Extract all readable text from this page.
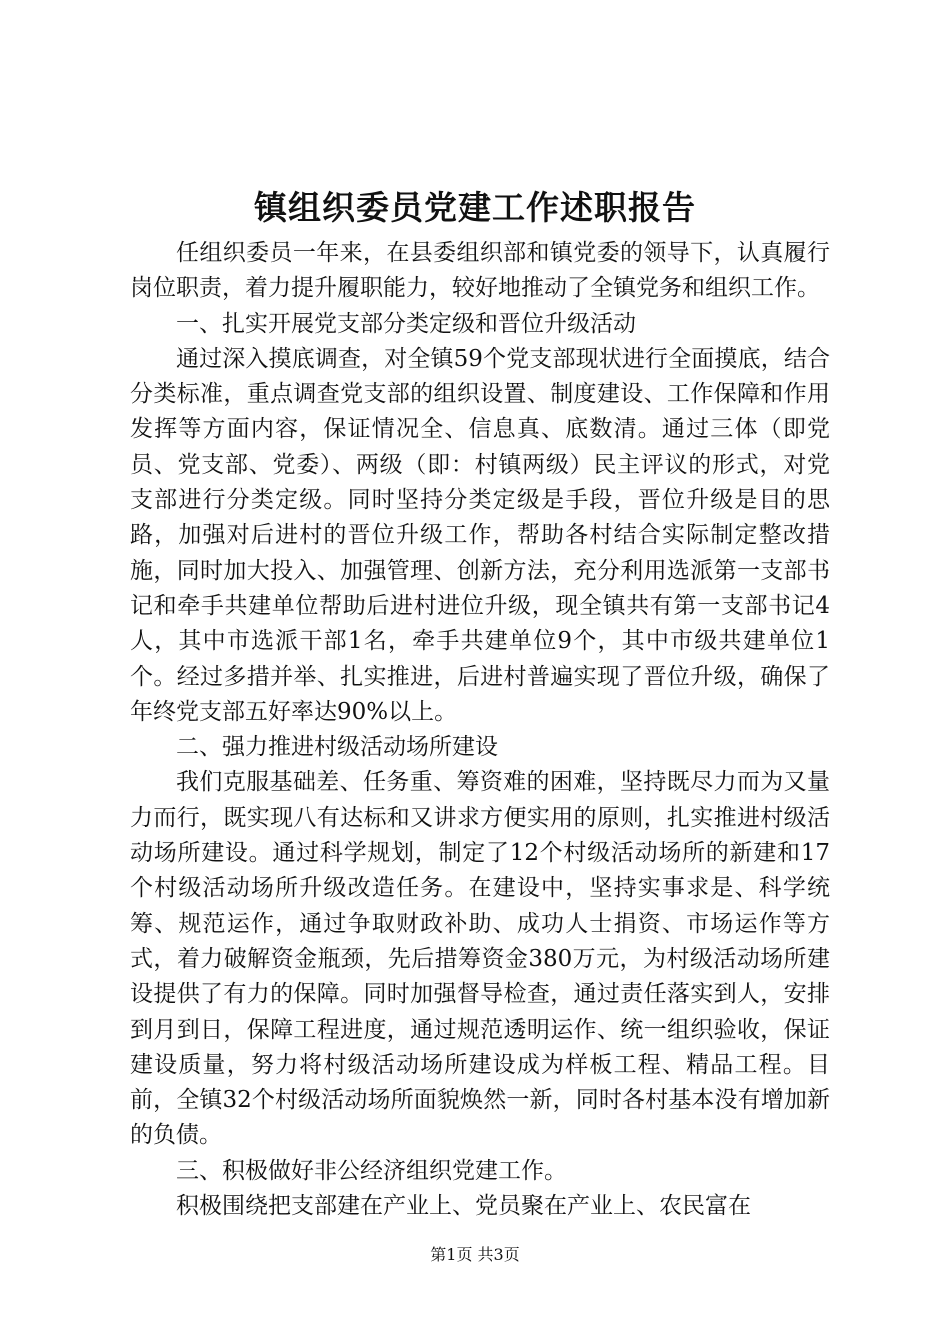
镇组织委员党建工作述职报告

任组织委员一年来，在县委组织部和镇党委的领导下，认真履行岗位职责，着力提升履职能力，较好地推动了全镇党务和组织工作。

一、扎实开展党支部分类定级和晋位升级活动

通过深入摸底调查，对全镇59个党支部现状进行全面摸底，结合分类标准，重点调查党支部的组织设置、制度建设、工作保障和作用发挥等方面内容，保证情况全、信息真、底数清。通过三体（即党员、党支部、党委）、两级（即：村镇两级）民主评议的形式，对党支部进行分类定级。同时坚持分类定级是手段，晋位升级是目的思路，加强对后进村的晋位升级工作，帮助各村结合实际制定整改措施，同时加大投入、加强管理、创新方法，充分利用选派第一支部书记和牵手共建单位帮助后进村进位升级，现全镇共有第一支部书记4人，其中市选派干部1名，牵手共建单位9个，其中市级共建单位1个。经过多措并举、扎实推进，后进村普遍实现了晋位升级，确保了年终党支部五好率达90%以上。

二、强力推进村级活动场所建设

我们克服基础差、任务重、筹资难的困难，坚持既尽力而为又量力而行，既实现八有达标和又讲求方便实用的原则，扎实推进村级活动场所建设。通过科学规划，制定了12个村级活动场所的新建和17个村级活动场所升级改造任务。在建设中，坚持实事求是、科学统筹、规范运作，通过争取财政补助、成功人士捐资、市场运作等方式，着力破解资金瓶颈，先后措筹资金380万元，为村级活动场所建设提供了有力的保障。同时加强督导检查，通过责任落实到人，安排到月到日，保障工程进度，通过规范透明运作、统一组织验收，保证建设质量，努力将村级活动场所建设成为样板工程、精品工程。目前，全镇32个村级活动场所面貌焕然一新，同时各村基本没有增加新的负债。

三、积极做好非公经济组织党建工作。

积极围绕把支部建在产业上、党员聚在产业上、农民富在

第1页 共3页
